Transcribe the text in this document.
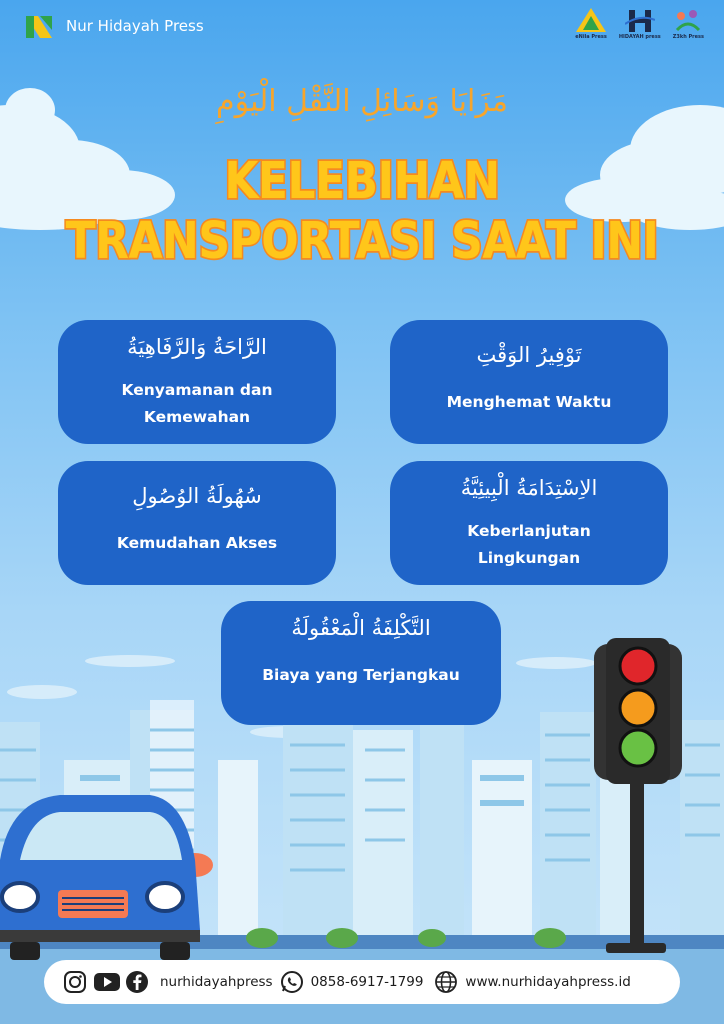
Nur Hidayah Press
eNila Press HIDAYAH press Z3kh Press
مَزَايَا وَسَائِلِ النَّقْلِ الْيَوْمِ
KELEBIHAN
TRANSPORTASI SAAT INI
الرَّاحَةُ وَالرَّفَاهِيَةُ
Kenyamanan dan
Kemewahan
تَوْفِيرُ الوَقْتِ
Menghemat Waktu
سُهُولَةُ الوُصُولِ
Kemudahan Akses
الاِسْتِدَامَةُ الْبِيئِيَّةُ
Keberlanjutan
Lingkungan
التَّكْلِفَةُ الْمَعْقُولَةُ
Biaya yang Terjangkau
nurhidayahpress	0858-6917-1799	www.nurhidayahpress.id
